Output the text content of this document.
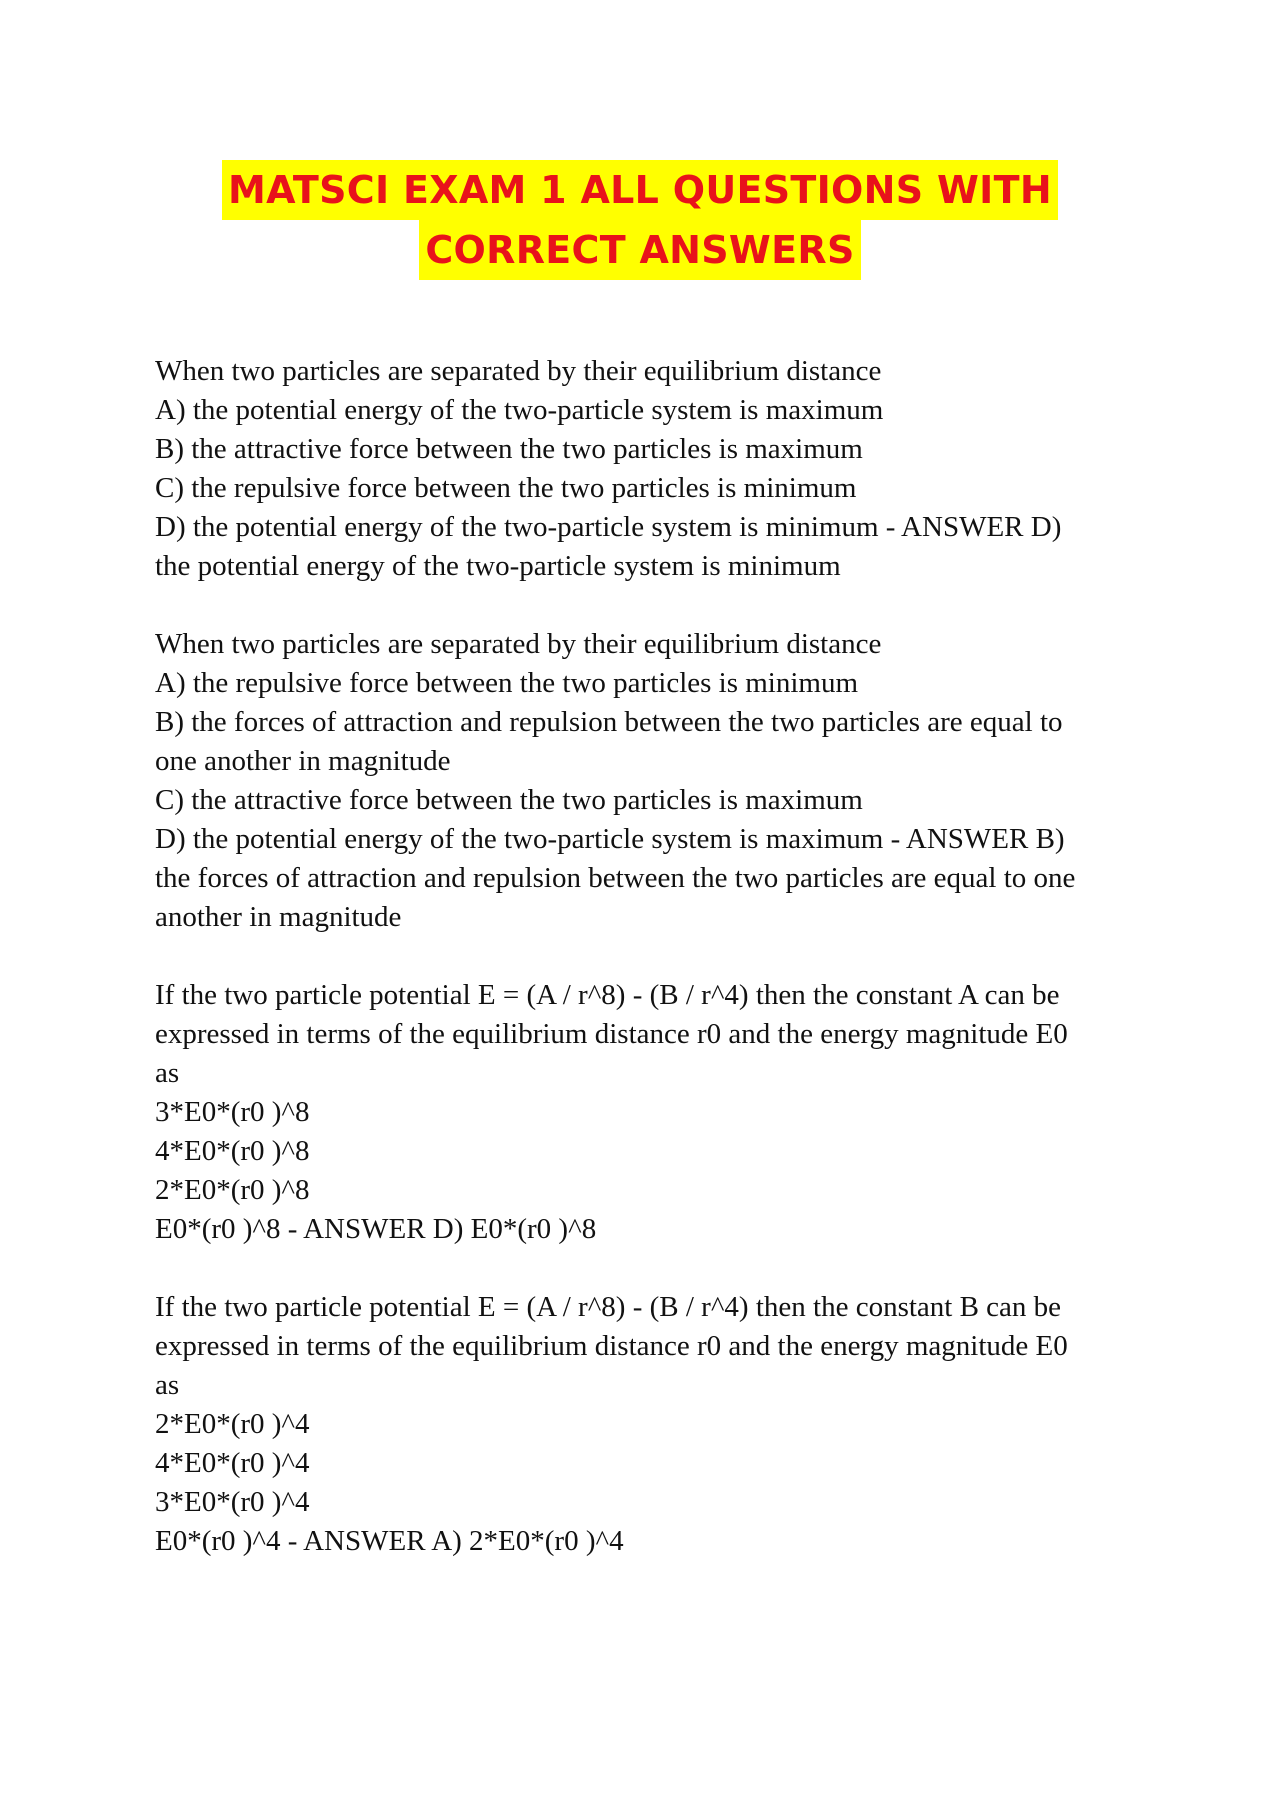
MATSCI EXAM 1 ALL QUESTIONS WITH
CORRECT ANSWERS
When two particles are separated by their equilibrium distance
A) the potential energy of the two-particle system is maximum
B) the attractive force between the two particles is maximum
C) the repulsive force between the two particles is minimum
D) the potential energy of the two-particle system is minimum - ANSWER D)
the potential energy of the two-particle system is minimum
When two particles are separated by their equilibrium distance
A) the repulsive force between the two particles is minimum
B) the forces of attraction and repulsion between the two particles are equal to
one another in magnitude
C) the attractive force between the two particles is maximum
D) the potential energy of the two-particle system is maximum - ANSWER B)
the forces of attraction and repulsion between the two particles are equal to one
another in magnitude
If the two particle potential E = (A / r^8) - (B / r^4) then the constant A can be
expressed in terms of the equilibrium distance r0 and the energy magnitude E0
as
3*E0*(r0 )^8
4*E0*(r0 )^8
2*E0*(r0 )^8
E0*(r0 )^8 - ANSWER D) E0*(r0 )^8
If the two particle potential E = (A / r^8) - (B / r^4) then the constant B can be
expressed in terms of the equilibrium distance r0 and the energy magnitude E0
as
2*E0*(r0 )^4
4*E0*(r0 )^4
3*E0*(r0 )^4
E0*(r0 )^4 - ANSWER A) 2*E0*(r0 )^4
